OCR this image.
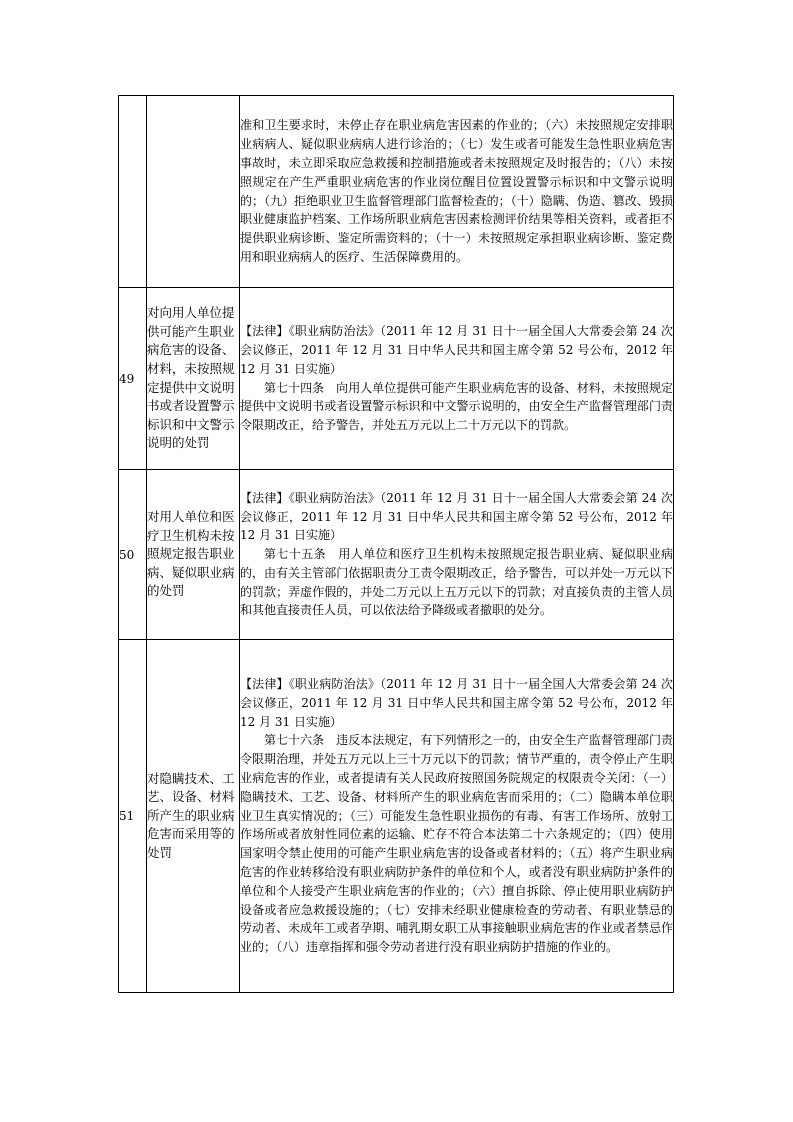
		准和卫生要求时，未停止存在职业病危害因素的作业的；（六）未按照规定安排职业病病人、疑似职业病病人进行诊治的；（七）发生或者可能发生急性职业病危害事故时，未立即采取应急救援和控制措施或者未按照规定及时报告的；（八）未按照规定在产生严重职业病危害的作业岗位醒目位置设置警示标识和中文警示说明的；（九）拒绝职业卫生监督管理部门监督检查的；（十）隐瞒、伪造、篡改、毁损职业健康监护档案、工作场所职业病危害因素检测评价结果等相关资料，或者拒不提供职业病诊断、鉴定所需资料的；（十一）未按照规定承担职业病诊断、鉴定费用和职业病病人的医疗、生活保障费用的。

49	对向用人单位提供可能产生职业病危害的设备、材料，未按照规定提供中文说明书或者设置警示标识和中文警示说明的处罚	【法律】《职业病防治法》（2011 年 12 月 31 日十一届全国人大常委会第 24 次会议修正，2011 年 12 月 31 日中华人民共和国主席令第 52 号公布，2012 年 12 月 31 日实施）

第七十四条　向用人单位提供可能产生职业病危害的设备、材料，未按照规定提供中文说明书或者设置警示标识和中文警示说明的，由安全生产监督管理部门责令限期改正，给予警告，并处五万元以上二十万元以下的罚款。

50	对用人单位和医疗卫生机构未按照规定报告职业病、疑似职业病的处罚	【法律】《职业病防治法》（2011 年 12 月 31 日十一届全国人大常委会第 24 次会议修正，2011 年 12 月 31 日中华人民共和国主席令第 52 号公布，2012 年 12 月 31 日实施）

第七十五条　用人单位和医疗卫生机构未按照规定报告职业病、疑似职业病的，由有关主管部门依据职责分工责令限期改正，给予警告，可以并处一万元以下的罚款；弄虚作假的，并处二万元以上五万元以下的罚款；对直接负责的主管人员和其他直接责任人员，可以依法给予降级或者撤职的处分。

51	对隐瞒技术、工艺、设备、材料所产生的职业病危害而采用等的处罚	【法律】《职业病防治法》（2011 年 12 月 31 日十一届全国人大常委会第 24 次会议修正，2011 年 12 月 31 日中华人民共和国主席令第 52 号公布，2012 年 12 月 31 日实施）

第七十六条　违反本法规定，有下列情形之一的，由安全生产监督管理部门责令限期治理，并处五万元以上三十万元以下的罚款；情节严重的，责令停止产生职业病危害的作业，或者提请有关人民政府按照国务院规定的权限责令关闭：（一）隐瞒技术、工艺、设备、材料所产生的职业病危害而采用的；（二）隐瞒本单位职业卫生真实情况的；（三）可能发生急性职业损伤的有毒、有害工作场所、放射工作场所或者放射性同位素的运输、贮存不符合本法第二十六条规定的；（四）使用国家明令禁止使用的可能产生职业病危害的设备或者材料的；（五）将产生职业病危害的作业转移给没有职业病防护条件的单位和个人，或者没有职业病防护条件的单位和个人接受产生职业病危害的作业的；（六）擅自拆除、停止使用职业病防护设备或者应急救援设施的；（七）安排未经职业健康检查的劳动者、有职业禁忌的劳动者、未成年工或者孕期、哺乳期女职工从事接触职业病危害的作业或者禁忌作业的；（八）违章指挥和强令劳动者进行没有职业病防护措施的作业的。
